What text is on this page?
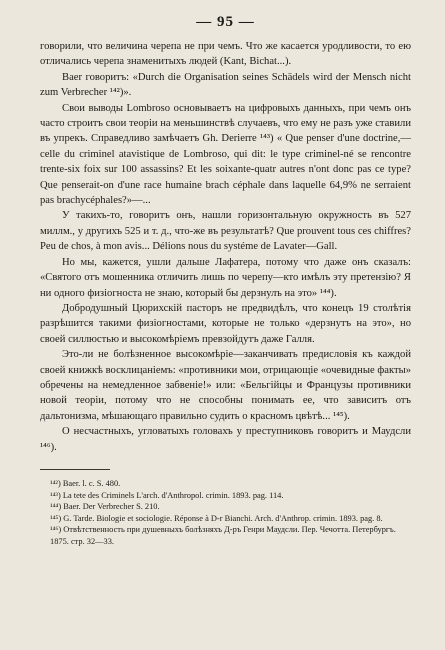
— 95 —

говорили, что величина черепа не при чемъ. Что же касается уродливости, то ею отличались черепа знаменитыхъ людей (Kant, Bichat...).

Baer говоритъ: «Durch die Organisation seines Schädels wird der Mensch nicht zum Verbrecher ¹⁴²)».

Свои выводы Lombroso основываетъ на цифровыхъ данныхъ, при чемъ онъ часто строитъ свои теоріи на меньшинствѣ случаевъ, что ему не разъ уже ставили въ упрекъ. Справедливо замѣчаетъ Gh. Derierre ¹⁴³) « Que penser d'une doctrine,—celle du criminel atavistique de Lombroso, qui dit: le type criminel-né se rencontre trente-six foix sur 100 assassins? Et les soixante-quatr autres n'ont donc pas ce type? Que penserait-on d'une race humaine brach céphale dans laquelle 64,9% ne serraient pas brachycéphales?»—...

У такихъ-то, говоритъ онъ, нашли горизонтальную окружность въ 527 миллм., у другихъ 525 и т. д., что-же въ результатѣ? Que prouvent tous ces chiffres? Peu de chos, à mon avis... Délions nous du systéme de Lavater—Gall.

Но мы, кажется, ушли дальше Лафатера, потому что даже онъ сказалъ: «Святого отъ мошенника отличить лишь по черепу—кто имѣлъ эту претензію? Я ни одного физіогноста не знаю, который бы дерзнулъ на это» ¹⁴⁴).

Добродушный Цюрихскій пасторъ не предвидѣлъ, что конецъ 19 столѣтія разрѣшится такими физіогностами, которые не только «дерзнутъ на это», но своей силлюстью и высокомѣріемъ превзойдутъ даже Галля.

Это-ли не болѣзненное высокомѣріе—заканчивать предисловія къ каждой своей книжкѣ восклицаніемъ: «противники мои, отрицающіе «очевидные факты» обречены на немедленное забвеніе!» или: «Бельгійцы и Французы противники новой теоріи, потому что не способны понимать ее, что зависитъ отъ дальтонизма, мѣшающаго правильно судить о красномъ цвѣтѣ... ¹⁴⁵).

О несчастныхъ, угловатыхъ головахъ у преступниковъ говоритъ и Маудсли ¹⁴⁶).

¹⁴²) Baer. l. c. S. 480.

¹⁴³) La tete des Criminels L'arch. d'Anthropol. crimin. 1893. pag. 114.

¹⁴⁴) Baer. Der Verbrecher S. 210.

¹⁴⁵) G. Tarde. Biologie et sociologie. Réponse à D-r Bianchi. Arch. d'Anthrop. crimin. 1893. pag. 8.

¹⁴⁶) Отвѣтственность при душевныхъ болѣзняхъ Д-ръ Генри Маудсли. Пер. Чечотта. Петербургъ. 1875. стр. 32—33.
